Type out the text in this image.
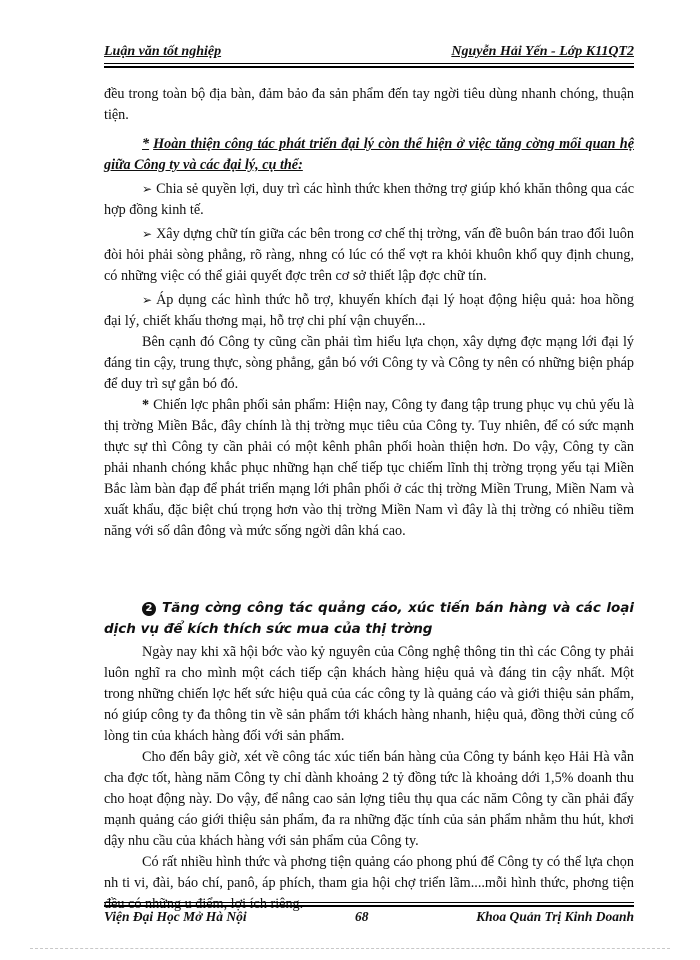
Luận văn tốt nghiệp	Nguyễn Hải Yến - Lớp K11QT2

đều trong toàn bộ địa bàn, đảm bảo đa sản phẩm đến tay ngời tiêu dùng nhanh chóng, thuận tiện.

* Hoàn thiện công tác phát triển đại lý còn thể hiện ở việc tăng cờng mối quan hệ giữa Công ty và các đại lý, cụ thể:

➢ Chia sẻ quyền lợi, duy trì các hình thức khen thởng trợ giúp khó khăn thông qua các hợp đồng kinh tế.

➢ Xây dựng chữ tín giữa các bên trong cơ chế thị trờng, vấn đề buôn bán trao đổi luôn đòi hỏi phải sòng phẳng, rõ ràng, nhng có lúc có thể vợt ra khỏi khuôn khổ quy định chung, có những việc có thể giải quyết đợc trên cơ sở thiết lập đợc chữ tín.

➢ Áp dụng các hình thức hỗ trợ, khuyến khích đại lý hoạt động hiệu quả: hoa hồng đại lý, chiết khấu thơng mại, hỗ trợ chi phí vận chuyển...

Bên cạnh đó Công ty cũng cần phải tìm hiểu lựa chọn, xây dựng đợc mạng lới đại lý đáng tin cậy, trung thực, sòng phẳng, gắn bó với Công ty và Công ty nên có những biện pháp để duy trì sự gắn bó đó.

* Chiến lợc phân phối sản phẩm: Hiện nay, Công ty đang tập trung phục vụ chủ yếu là thị trờng Miền Bắc, đây chính là thị trờng mục tiêu của Công ty. Tuy nhiên, để có sức mạnh thực sự thì Công ty cần phải có một kênh phân phối hoàn thiện hơn. Do vậy, Công ty cần phải nhanh chóng khắc phục những hạn chế tiếp tục chiếm lĩnh thị trờng trọng yếu tại Miền Bắc làm bàn đạp để phát triển mạng lới phân phối ở các thị trờng Miền Trung, Miền Nam và xuất khẩu, đặc biệt chú trọng hơn vào thị trờng Miền Nam vì đây là thị trờng có nhiều tiềm năng với số dân đông và mức sống ngời dân khá cao.

2 Tăng cờng công tác quảng cáo, xúc tiến bán hàng và các loại dịch vụ để kích thích sức mua của thị trờng

Ngày nay khi xã hội bớc vào kỷ nguyên của Công nghệ thông tin thì các Công ty phải luôn nghĩ ra cho mình một cách tiếp cận khách hàng hiệu quả và đáng tin cậy nhất. Một trong những chiến lợc hết sức hiệu quả của các công ty là quảng cáo và giới thiệu sản phẩm, nó giúp công ty đa thông tin về sản phẩm tới khách hàng nhanh, hiệu quả, đồng thời củng cố lòng tin của khách hàng đối với sản phẩm.

Cho đến bây giờ, xét về công tác xúc tiến bán hàng của Công ty bánh kẹo Hải Hà vẫn cha đợc tốt, hàng năm Công ty chỉ dành khoảng 2 tỷ đồng tức là khoảng dới 1,5% doanh thu cho hoạt động này. Do vậy, để nâng cao sản lợng tiêu thụ qua các năm Công ty cần phải đẩy mạnh quảng cáo giới thiệu sản phẩm, đa ra những đặc tính của sản phẩm nhằm thu hút, khơi dậy nhu cầu của khách hàng với sản phẩm của Công ty.

Có rất nhiều hình thức và phơng tiện quảng cáo phong phú để Công ty có thể lựa chọn nh ti vi, đài, báo chí, panô, áp phích, tham gia hội chợ triển lãm....mỗi hình thức, phơng tiện đều có những u điểm, lợi ích riêng.

Viện Đại Học Mở Hà Nội	68	Khoa Quản Trị Kinh Doanh
